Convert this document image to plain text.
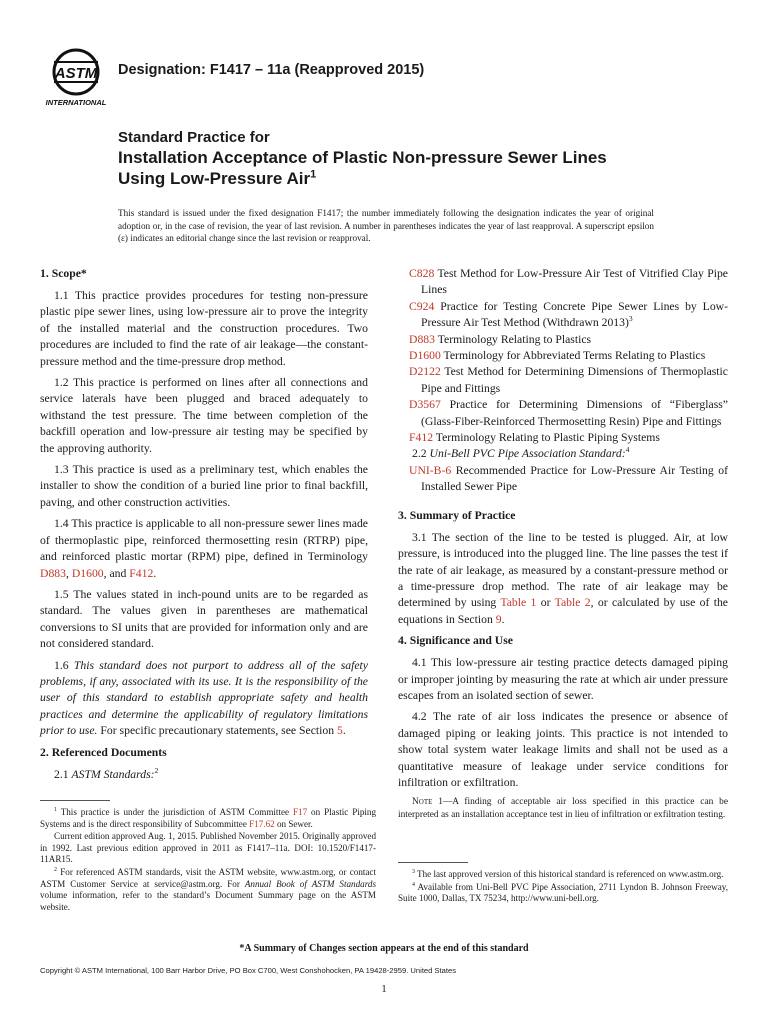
ASTM
INTERNATIONAL
Designation: F1417 – 11a (Reapproved 2015)
Standard Practice for
Installation Acceptance of Plastic Non-pressure Sewer Lines
Using Low-Pressure Air$^1$
This standard is issued under the fixed designation F1417; the number immediately following the designation indicates the year of original adoption or, in the case of revision, the year of last revision. A number in parentheses indicates the year of last reapproval. A superscript epsilon (ε) indicates an editorial change since the last revision or reapproval.
1. Scope*

1.1 This practice provides procedures for testing non-pressure plastic pipe sewer lines, using low-pressure air to prove the integrity of the installed material and the construction procedures. Two procedures are included to find the rate of air leakage—the constant-pressure method and the time-pressure drop method.

1.2 This practice is performed on lines after all connections and service laterals have been plugged and braced adequately to withstand the test pressure. The time between completion of the backfill operation and low-pressure air testing may be specified by the approving authority.

1.3 This practice is used as a preliminary test, which enables the installer to show the condition of a buried line prior to final backfill, paving, and other construction activities.

1.4 This practice is applicable to all non-pressure sewer lines made of thermoplastic pipe, reinforced thermosetting resin (RTRP) pipe, and reinforced plastic mortar (RPM) pipe, defined in Terminology D883, D1600, and F412.

1.5 The values stated in inch-pound units are to be regarded as standard. The values given in parentheses are mathematical conversions to SI units that are provided for information only and are not considered standard.

1.6 This standard does not purport to address all of the safety problems, if any, associated with its use. It is the responsibility of the user of this standard to establish appropriate safety and health practices and determine the applicability of regulatory limitations prior to use. For specific precautionary statements, see Section 5.

2. Referenced Documents

2.1 ASTM Standards:$^2$

C828 Test Method for Low-Pressure Air Test of Vitrified Clay Pipe Lines

C924 Practice for Testing Concrete Pipe Sewer Lines by Low-Pressure Air Test Method (Withdrawn 2013)$^3$

D883 Terminology Relating to Plastics

D1600 Terminology for Abbreviated Terms Relating to Plastics

D2122 Test Method for Determining Dimensions of Thermoplastic Pipe and Fittings

D3567 Practice for Determining Dimensions of “Fiberglass” (Glass-Fiber-Reinforced Thermosetting Resin) Pipe and Fittings

F412 Terminology Relating to Plastic Piping Systems

2.2 Uni-Bell PVC Pipe Association Standard:$^4$

UNI-B-6 Recommended Practice for Low-Pressure Air Testing of Installed Sewer Pipe

3. Summary of Practice

3.1 The section of the line to be tested is plugged. Air, at low pressure, is introduced into the plugged line. The line passes the test if the rate of air leakage, as measured by a constant-pressure method or a time-pressure drop method. The rate of air leakage may be determined by using Table 1 or Table 2, or calculated by use of the equations in Section 9.

4. Significance and Use

4.1 This low-pressure air testing practice detects damaged piping or improper jointing by measuring the rate at which air under pressure escapes from an isolated section of sewer.

4.2 The rate of air loss indicates the presence or absence of damaged piping or leaking joints. This practice is not intended to show total system water leakage limits and shall not be used as a quantitative measure of leakage under service conditions for infiltration or exfiltration.

Note 1—A finding of acceptable air loss specified in this practice can be interpreted as an installation acceptance test in lieu of infiltration or exfiltration testing.

$^1$ This practice is under the jurisdiction of ASTM Committee F17 on Plastic Piping Systems and is the direct responsibility of Subcommittee F17.62 on Sewer.

Current edition approved Aug. 1, 2015. Published November 2015. Originally approved in 1992. Last previous edition approved in 2011 as F1417–11a. DOI: 10.1520/F1417-11AR15.

$^2$ For referenced ASTM standards, visit the ASTM website, www.astm.org, or contact ASTM Customer Service at service@astm.org. For Annual Book of ASTM Standards volume information, refer to the standard’s Document Summary page on the ASTM website.

$^3$ The last approved version of this historical standard is referenced on www.astm.org.

$^4$ Available from Uni-Bell PVC Pipe Association, 2711 Lyndon B. Johnson Freeway, Suite 1000, Dallas, TX 75234, http://www.uni-bell.org.

*A Summary of Changes section appears at the end of this standard
Copyright © ASTM International, 100 Barr Harbor Drive, PO Box C700, West Conshohocken, PA 19428-2959. United States
1
